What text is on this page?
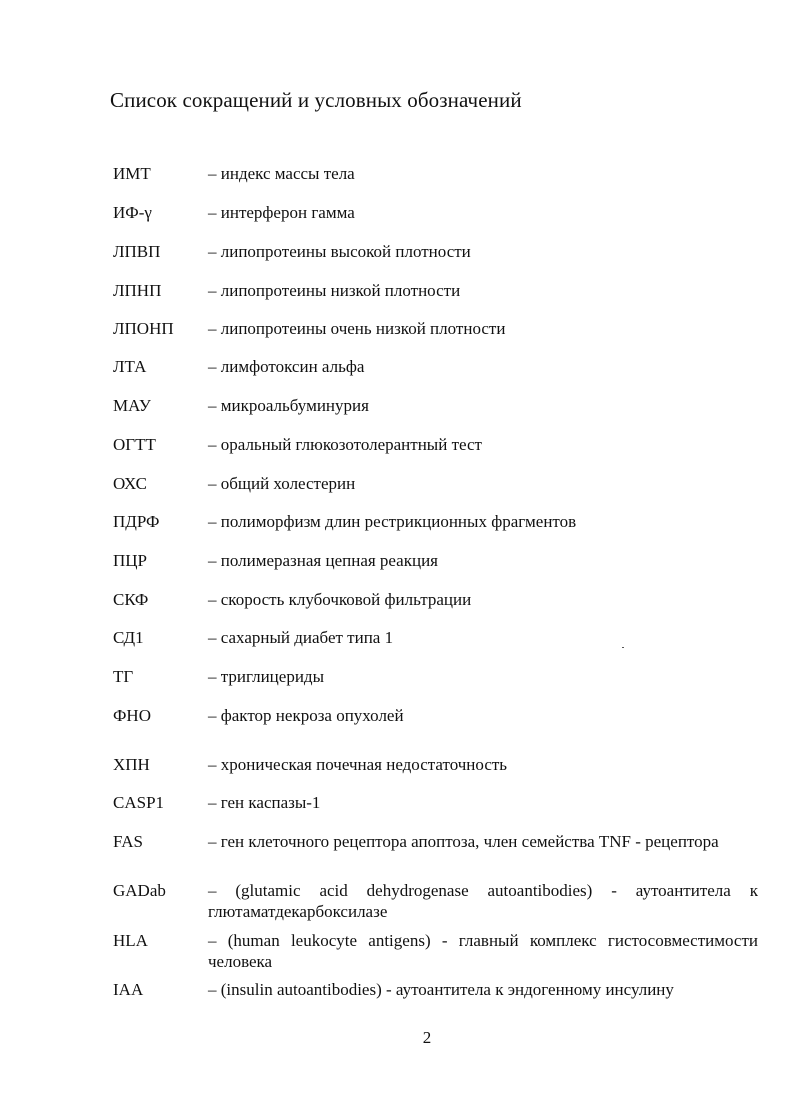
Список сокращений и условных обозначений
ИМТ	– индекс массы тела
ИФ-γ	– интерферон гамма
ЛПВП	– липопротеины высокой плотности
ЛПНП	– липопротеины низкой плотности
ЛПОНП – липопротеины очень низкой плотности
ЛТА	– лимфотоксин альфа
МАУ	– микроальбуминурия
ОГТТ	– оральный глюкозотолерантный тест
ОХС	– общий холестерин
ПДРФ	– полиморфизм длин рестрикционных фрагментов
ПЦР	– полимеразная цепная реакция
СКФ	– скорость клубочковой фильтрации
СД1	– сахарный диабет типа 1
ТГ	– триглицериды
ФНО	– фактор некроза опухолей
ХПН	– хроническая почечная недостаточность
CASP1	– ген каспазы-1
FAS	– ген клеточного рецептора апоптоза, член семейства TNF - рецептора
GADab – (glutamic acid dehydrogenase autoantibodies) - аутоантитела к глютаматдекарбоксилазе
HLA	– (human leukocyte antigens) - главный комплекс гистосовместимости человека
IAA	– (insulin autoantibodies) - аутоантитела к эндогенному инсулину
2
